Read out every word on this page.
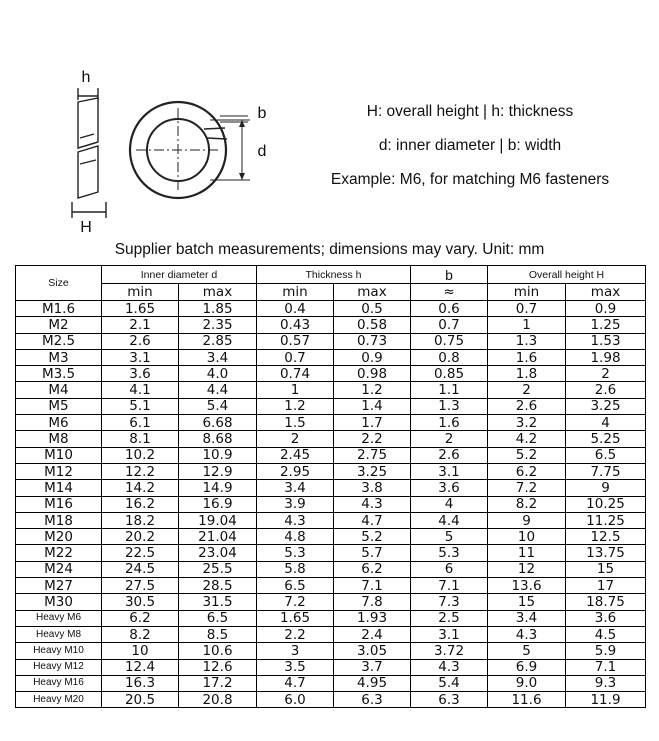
h
H
b
d
H: overall height | h: thickness
d: inner diameter | b: width
Example: M6, for matching M6 fasteners
Supplier batch measurements; dimensions may vary. Unit: mm
Size	Inner diameter d		Thickness h		b	Overall height H	
	min	max	min	max	≈	min	max
M1.6	1.65	1.85	0.4	0.5	0.6	0.7	0.9
M2	2.1	2.35	0.43	0.58	0.7	1	1.25
M2.5	2.6	2.85	0.57	0.73	0.75	1.3	1.53
M3	3.1	3.4	0.7	0.9	0.8	1.6	1.98
M3.5	3.6	4.0	0.74	0.98	0.85	1.8	2
M4	4.1	4.4	1	1.2	1.1	2	2.6
M5	5.1	5.4	1.2	1.4	1.3	2.6	3.25
M6	6.1	6.68	1.5	1.7	1.6	3.2	4
M8	8.1	8.68	2	2.2	2	4.2	5.25
M10	10.2	10.9	2.45	2.75	2.6	5.2	6.5
M12	12.2	12.9	2.95	3.25	3.1	6.2	7.75
M14	14.2	14.9	3.4	3.8	3.6	7.2	9
M16	16.2	16.9	3.9	4.3	4	8.2	10.25
M18	18.2	19.04	4.3	4.7	4.4	9	11.25
M20	20.2	21.04	4.8	5.2	5	10	12.5
M22	22.5	23.04	5.3	5.7	5.3	11	13.75
M24	24.5	25.5	5.8	6.2	6	12	15
M27	27.5	28.5	6.5	7.1	7.1	13.6	17
M30	30.5	31.5	7.2	7.8	7.3	15	18.75
Heavy M6	6.2	6.5	1.65	1.93	2.5	3.4	3.6
Heavy M8	8.2	8.5	2.2	2.4	3.1	4.3	4.5
Heavy M10	10	10.6	3	3.05	3.72	5	5.9
Heavy M12	12.4	12.6	3.5	3.7	4.3	6.9	7.1
Heavy M16	16.3	17.2	4.7	4.95	5.4	9.0	9.3
Heavy M20	20.5	20.8	6.0	6.3	6.3	11.6	11.9
